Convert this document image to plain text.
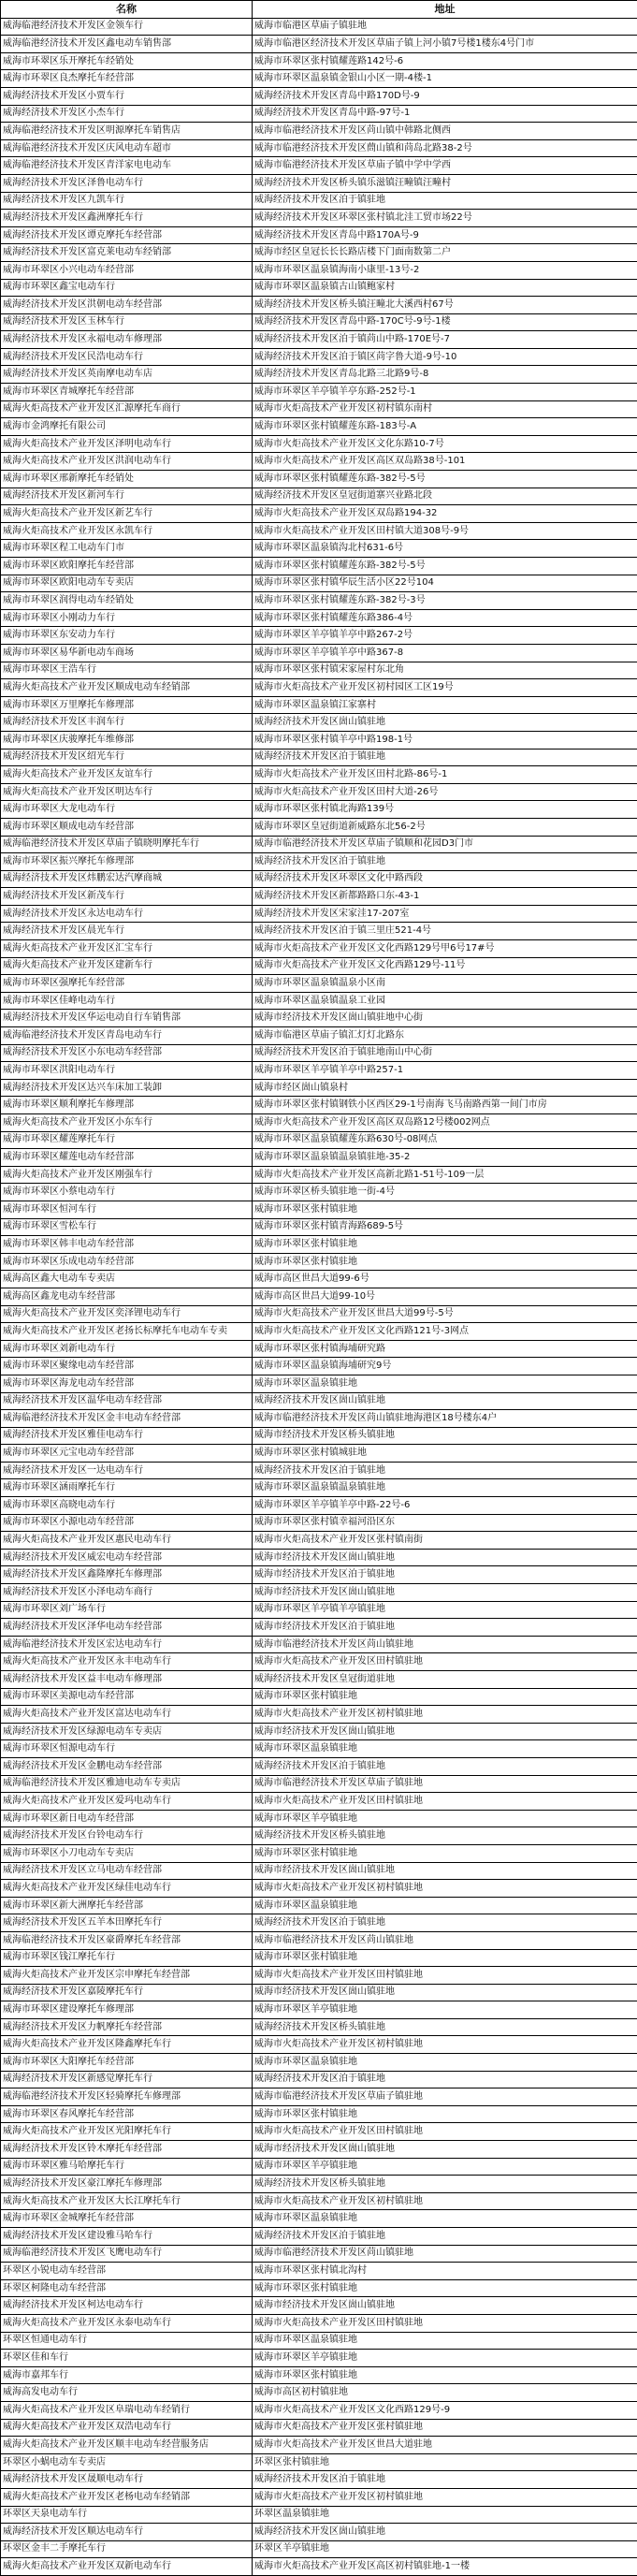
名称	地址
威海临港经济技术开发区金领车行	威海市临港区草庙子镇驻地
威海临港经济技术开发区鑫电动车销售部	威海市临港区经济技术开发区草庙子镇上河小镇7号楼1楼东4号门市
威海市环翠区乐开摩托车经销处	威海市环翠区张村镇耀莲路142号-6
威海市环翠区良杰摩托车经营部	威海市环翠区温泉镇金银山小区一期-4楼-1
威海经济技术开发区小贾车行	威海经济技术开发区青岛中路170D号-9
威海经济技术开发区小杰车行	威海经济技术开发区青岛中路-97号-1
威海临港经济技术开发区明源摩托车销售店	威海市临港经济技术开发区苘山镇中韩路北侧西
威海临港经济技术开发区庆风电动车超市	威海市临港经济技术开发区蔄山镇和苘岛北路38-2号
威海临港经济技术开发区青洋家电电动车	威海市临港经济技术开发区草庙子镇中学中学西
威海经济技术开发区泽鲁电动车行	威海经济技术开发区桥头镇乐滋镇汪疃镇汪疃村
威海经济技术开发区九凯车行	威海经济技术开发区泊于镇驻地
威海经济技术开发区鑫洲摩托车行	威海经济技术开发区环翠区张村镇北洼工贸市场22号
威海经济技术开发区谭克摩托车经营部	威海经济技术开发区青岛中路170A号-9
威海经济技术开发区富克莱电动车经销部	威海市经区皇冠长长长路店楼下门面南数第二户
威海市环翠区小兴电动车经营部	威海市环翠区温泉镇海南小康里-13号-2
威海市环翠区鑫宝电动车行	威海市环翠区温泉镇古山镇鲍家村
威海经济技术开发区洪朝电动车经营部	威海经济技术开发区桥头镇汪疃北大溪西村67号
威海经济技术开发区玉林车行	威海经济技术开发区青岛中路-170C号-9号-1楼
威海经济技术开发区永福电动车修理部	威海经济技术开发区泊于镇苘山中路-170E号-7
威海经济技术开发区民浩电动车行	威海经济技术开发区泊于镇区苘字鲁大道-9号-10
威海经济技术开发区英南摩电动车店	威海经济技术开发区青岛北路三北路9号-8
威海市环翠区青城摩托车经营部	威海市环翠区羊亭镇羊亭东路-252号-1
威海火炬高技术产业开发区汇源摩托车商行	威海市火炬高技术产业开发区初村镇东南村
威海市金鸿摩托有限公司	威海市环翠区张村镇耀莲东路-183号-A
威海火炬高技术产业开发区泽明电动车行	威海市火炬高技术产业开发区文化东路10-7号
威海火炬高技术产业开发区洪润电动车行	威海市火炬高技术产业开发区高区双岛路38号-101
威海市环翠区邢新摩托车经销处	威海市环翠区张村镇耀莲东路-382号-5号
威海经济技术开发区新河车行	威海经济技术开发区皇冠街道寨兴业路北段
威海火炬高技术产业开发区新艺车行	威海市火炬高技术产业开发区双岛路194-32
威海火炬高技术产业开发区永凯车行	威海市火炬高技术产业开发区田村镇大道308号-9号
威海市环翠区程工电动车门市	威海市环翠区温泉镇沟北村631-6号
威海市环翠区欧阳摩托车经营部	威海市环翠区张村镇耀莲东路-382号-5号
威海市环翠区欧阳电动车专卖店	威海市环翠区张村镇华辰生活小区22号104
威海市环翠区润得电动车经销处	威海市环翠区张村镇耀莲东路-382号-3号
威海市环翠区小刚动力车行	威海市环翠区张村镇耀莲东路386-4号
威海市环翠区东安动力车行	威海市环翠区羊亭镇羊亭中路267-2号
威海市环翠区易华新电动车商场	威海市环翠区羊亭镇羊亭中路367-8
威海市环翠区王浩车行	威海市环翠区张村镇宋家屋村东北角
威海火炬高技术产业开发区顺成电动车经销部	威海市火炬高技术产业开发区初村园区工区19号
威海市环翠区万里摩托车修理部	威海市环翠区温泉镇江家寨村
威海经济技术开发区丰润车行	威海经济技术开发区崮山镇驻地
威海市环翠区庆骏摩托车维修部	威海市环翠区张村镇羊亭中路198-1号
威海经济技术开发区绍光车行	威海经济技术开发区泊于镇驻地
威海火炬高技术产业开发区友谊车行	威海市火炬高技术产业开发区田村北路-86号-1
威海火炬高技术产业开发区明达车行	威海市火炬高技术产业开发区田村大道-26号
威海市环翠区大龙电动车行	威海市环翠区张村镇北海路139号
威海市环翠区顺成电动车经营部	威海市环翠区皇冠街道新威路东北56-2号
威海临港经济技术开发区草庙子镇晓明摩托车行	威海市临港经济技术开发区草庙子镇顺和花园D3门市
威海市环翠区振兴摩托车修理部	威海经济技术开发区泊于镇驻地
威海经济技术开发区炜鹏宏达汽摩商城	威海经济技术开发区环翠区文化中路西段
威海经济技术开发区新茂车行	威海经济技术开发区新都路路口东-43-1
威海经济技术开发区永达电动车行	威海经济技术开发区宋家洼17-207室
威海经济技术开发区晨光车行	威海经济技术开发区泊于镇三里庄521-4号
威海火炬高技术产业开发区汇宝车行	威海市火炬高技术产业开发区文化西路129号甲6号17#号
威海火炬高技术产业开发区建新车行	威海市火炬高技术产业开发区文化西路129号-11号
威海市环翠区强摩托车经营部	威海市环翠区温泉镇温泉小区南
威海市环翠区佳峰电动车行	威海市环翠区温泉镇温泉工业园
威海经济技术开发区华运电动自行车销售部	威海市经济技术开发区崮山镇驻地中心街
威海临港经济技术开发区青岛电动车行	威海市临港区草庙子镇汇灯灯北路东
威海经济技术开发区小东电动车经营部	威海经济技术开发区泊于镇驻地南山中心街
威海市环翠区洪阳电动车行	威海市环翠区羊亭镇羊亭中路257-1
威海经济技术开发区达兴车床加工装卸	威海市经区崮山镇泉村
威海市环翠区顺利摩托车修理部	威海市环翠区张村镇钢铁小区西区29-1号南海飞马南路西第一间门市房
威海火炬高技术产业开发区小东车行	威海市火炬高技术产业开发区高区双岛路12号楼002网点
威海市环翠区耀莲摩托车行	威海市环翠区温泉镇耀莲东路630号-08网点
威海市环翠区耀莲电动车经营部	威海市环翠区温泉镇温泉镇驻地-35-2
威海火炬高技术产业开发区刚强车行	威海市火炬高技术产业开发区高新北路1-51号-109一层
威海市环翠区小蔡电动车行	威海市环翠区桥头镇驻地一街-4号
威海市环翠区恒河车行	威海市环翠区张村镇驻地
威海市环翠区雪松车行	威海市环翠区张村镇青海路689-5号
威海市环翠区韩丰电动车经营部	威海市环翠区张村镇驻地
威海市环翠区乐成电动车经营部	威海市环翠区张村镇驻地
威海高区鑫大电动车专卖店	威海市高区世昌大道99-6号
威海高区鑫龙电动车经营部	威海市高区世昌大道99-10号
威海火炬高技术产业开发区奕泽锂电动车行	威海市火炬高技术产业开发区世昌大道99号-5号
威海火炬高技术产业开发区老扬长标摩托车电动车专卖	威海市火炬高技术产业开发区文化西路121号-3网点
威海市环翠区刘新电动车行	威海市环翠区张村镇海埔研究路
威海市环翠区聚缘电动车经营部	威海市环翠区温泉镇海埔研究9号
威海市环翠区海龙电动车经营部	威海市环翠区温泉镇驻地
威海经济技术开发区温华电动车经营部	威海经济技术开发区崮山镇驻地
威海临港经济技术开发区金丰电动车经营部	威海市临港经济技术开发区苘山镇驻地海港区18号楼东4户
威海经济技术开发区雅佳电动车行	威海市经济技术开发区桥头镇驻地
威海市环翠区元宝电动车经营部	威海市环翠区张村镇城驻地
威海经济技术开发区一达电动车行	威海经济技术开发区泊于镇驻地
威海市环翠区涵雨摩托车行	威海市环翠区温泉镇温泉镇驻地
威海市环翠区高晓电动车行	威海市环翠区羊亭镇羊亭中路-22号-6
威海市环翠区小源电动车经营部	威海市环翠区张村镇幸福河沿区东
威海火炬高技术产业开发区惠民电动车行	威海市火炬高技术产业开发区张村镇南街
威海经济技术开发区威宏电动车经营部	威海市经济技术开发区崮山镇驻地
威海经济技术开发区鑫隆摩托车修理部	威海市经济技术开发区泊于镇驻地
威海经济技术开发区小泽电动车商行	威海市经济技术开发区崮山镇驻地
威海市环翠区刘广场车行	威海市环翠区羊亭镇羊亭镇驻地
威海经济技术开发区泽华电动车经营部	威海市经济技术开发区泊于镇驻地
威海临港经济技术开发区宏达电动车行	威海市临港经济技术开发区苘山镇驻地
威海火炬高技术产业开发区永丰电动车行	威海市火炬高技术产业开发区田村镇驻地
威海经济技术开发区益丰电动车修理部	威海经济技术开发区皇冠街道驻地
威海市环翠区美源电动车经营部	威海市环翠区张村镇驻地
威海火炬高技术产业开发区富达电动车行	威海市火炬高技术产业开发区初村镇驻地
威海经济技术开发区绿源电动车专卖店	威海市经济技术开发区崮山镇驻地
威海市环翠区恒源电动车行	威海市环翠区温泉镇驻地
威海经济技术开发区金鹏电动车经营部	威海经济技术开发区泊于镇驻地
威海临港经济技术开发区雅迪电动车专卖店	威海市临港经济技术开发区草庙子镇驻地
威海火炬高技术产业开发区爱玛电动车行	威海市火炬高技术产业开发区田村镇驻地
威海市环翠区新日电动车经营部	威海市环翠区羊亭镇驻地
威海经济技术开发区台铃电动车行	威海经济技术开发区桥头镇驻地
威海市环翠区小刀电动车专卖店	威海市环翠区张村镇驻地
威海经济技术开发区立马电动车经营部	威海市经济技术开发区崮山镇驻地
威海火炬高技术产业开发区绿佳电动车行	威海市火炬高技术产业开发区初村镇驻地
威海市环翠区新大洲摩托车经营部	威海市环翠区温泉镇驻地
威海经济技术开发区五羊本田摩托车行	威海经济技术开发区泊于镇驻地
威海临港经济技术开发区豪爵摩托车经营部	威海市临港经济技术开发区苘山镇驻地
威海市环翠区钱江摩托车行	威海市环翠区张村镇驻地
威海火炬高技术产业开发区宗申摩托车经营部	威海市火炬高技术产业开发区田村镇驻地
威海经济技术开发区嘉陵摩托车行	威海市经济技术开发区崮山镇驻地
威海市环翠区建设摩托车修理部	威海市环翠区羊亭镇驻地
威海经济技术开发区力帆摩托车经营部	威海经济技术开发区桥头镇驻地
威海火炬高技术产业开发区隆鑫摩托车行	威海市火炬高技术产业开发区初村镇驻地
威海市环翠区大阳摩托车经营部	威海市环翠区温泉镇驻地
威海经济技术开发区新感觉摩托车行	威海经济技术开发区泊于镇驻地
威海临港经济技术开发区轻骑摩托车修理部	威海市临港经济技术开发区草庙子镇驻地
威海市环翠区春风摩托车经营部	威海市环翠区张村镇驻地
威海火炬高技术产业开发区光阳摩托车行	威海市火炬高技术产业开发区田村镇驻地
威海经济技术开发区铃木摩托车经营部	威海市经济技术开发区崮山镇驻地
威海市环翠区雅马哈摩托车行	威海市环翠区羊亭镇驻地
威海经济技术开发区豪江摩托车修理部	威海经济技术开发区桥头镇驻地
威海火炬高技术产业开发区大长江摩托车行	威海市火炬高技术产业开发区初村镇驻地
威海市环翠区金城摩托车经营部	威海市环翠区温泉镇驻地
威海经济技术开发区建设雅马哈车行	威海经济技术开发区泊于镇驻地
威海临港经济技术开发区飞鹰电动车行	威海市临港经济技术开发区苘山镇驻地
环翠区小锐电动车经营部	威海市环翠区张村镇北沟村
环翠区柯隆电动车经营部	威海市环翠区张村镇驻地
威海经济技术开发区柯达电动车行	威海市经济技术开发区崮山镇驻地
威海火炬高技术产业开发区永泰电动车行	威海市火炬高技术产业开发区田村镇驻地
环翠区恒通电动车行	威海市环翠区温泉镇驻地
环翠区佳和车行	威海市环翠区羊亭镇驻地
威海市嘉邦车行	威海市环翠区张村镇驻地
威海高发电动车行	威海市高区初村镇驻地
威海火炬高技术产业开发区阜瑞电动车经销行	威海市火炬高技术产业开发区文化西路129号-9
威海火炬高技术产业开发区双浩电动车行	威海市火炬高技术产业开发区张村镇驻地
威海火炬高技术产业开发区顺丰电动车经营服务店	威海市火炬高技术产业开发区世昌大道驻地
环翠区小蜗电动车专卖店	环翠区张村镇驻地
威海经济技术开发区晟顺电动车行	威海经济技术开发区泊于镇驻地
威海火炬高技术产业开发区老杨电动车经销部	威海市火炬高技术产业开发区初村镇驻地
环翠区天泉电动车行	环翠区温泉镇驻地
威海经济技术开发区顺达电动车行	威海经济技术开发区崮山镇驻地
环翠区金丰二手摩托车行	环翠区羊亭镇驻地
威海火炬高技术产业开发区双新电动车行	威海市火炬高技术产业开发区高区初村镇驻地-1一楼
